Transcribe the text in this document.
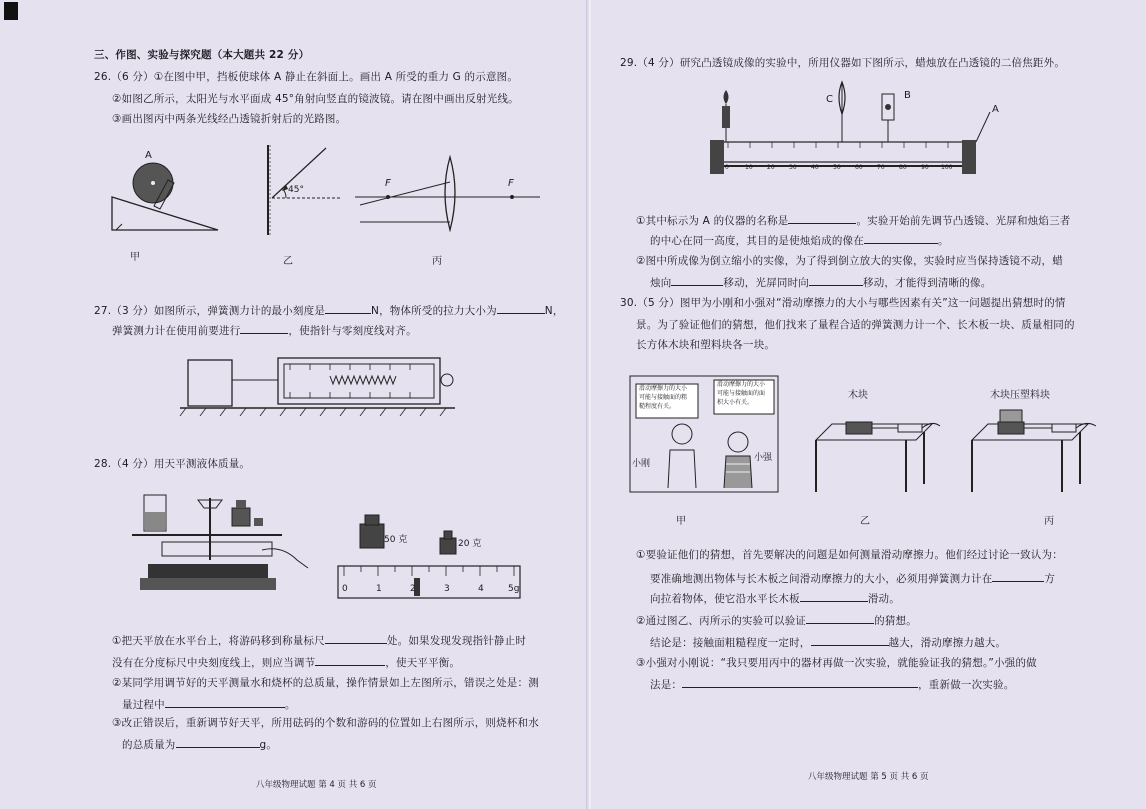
三、作图、实验与探究题（本大题共 22 分）
26.（6 分）①在图中甲，挡板使球体 A 静止在斜面上。画出 A 所受的重力 G 的示意图。
②如图乙所示，太阳光与水平面成 45°角射向竖直的镜波镜。请在图中画出反射光线。
③画出图丙中两条光线经凸透镜折射后的光路图。
A
45°
F	F
甲	乙	丙
27.（3 分）如图所示，弹簧测力计的最小刻度是	N，物体所受的拉力大小为	N，
弹簧测力计在使用前要进行	，使指针与零刻度线对齐。
28.（4 分）用天平测液体质量。
50 克	20 克
0	1	2	3	4	5g
①把天平放在水平台上，将游码移到称量标尺	处。如果发现发现指针静止时
没有在分度标尺中央刻度线上，则应当调节	，使天平平衡。
②某同学用调节好的天平测量水和烧杯的总质量，操作情景如上左图所示，错误之处是：测
量过程中	。
③改正错误后，重新调节好天平，所用砝码的个数和游码的位置如上右图所示，则烧杯和水
的总质量为	g。
八年级物理试题 第 4 页 共 6 页
29.（4 分）研究凸透镜成像的实验中，所用仪器如下图所示，蜡烛放在凸透镜的二倍焦距外。
C	B
A
0	10 20 30 40 50 60 70 80 90 100
①其中标示为 A 的仪器的名称是	。实验开始前先调节凸透镜、光屏和烛焰三者
的中心在同一高度，其目的是使烛焰成的像在	。
②图中所成像为倒立缩小的实像，为了得到倒立放大的实像，实验时应当保持透镜不动，蜡
烛向	移动，光屏同时向	移动，才能得到清晰的像。
30.（5 分）图甲为小刚和小强对“滑动摩擦力的大小与哪些因素有关”这一问题提出猜想时的情
景。为了验证他们的猜想，他们找来了量程合适的弹簧测力计一个、长木板一块、质量相同的
长方体木块和塑料块各一块。
滑动摩擦力的大小
可能与接触面的粗
糙程度有关。
滑动摩擦力的大小
可能与接触面的面
积大小有关。
小刚
小强
木块	木块压塑料块
甲	乙	丙
①要验证他们的猜想，首先要解决的问题是如何测量滑动摩擦力。他们经过讨论一致认为：
要准确地测出物体与长木板之间滑动摩擦力的大小，必须用弹簧测力计在	方
向拉着物体，使它沿水平长木板	滑动。
②通过图乙、丙所示的实验可以验证	的猜想。
结论是：接触面粗糙程度一定时，	越大，滑动摩擦力越大。
③小强对小刚说：“我只要用丙中的器材再做一次实验，就能验证我的猜想。”小强的做
法是：	，重新做一次实验。
八年级物理试题 第 5 页 共 6 页
